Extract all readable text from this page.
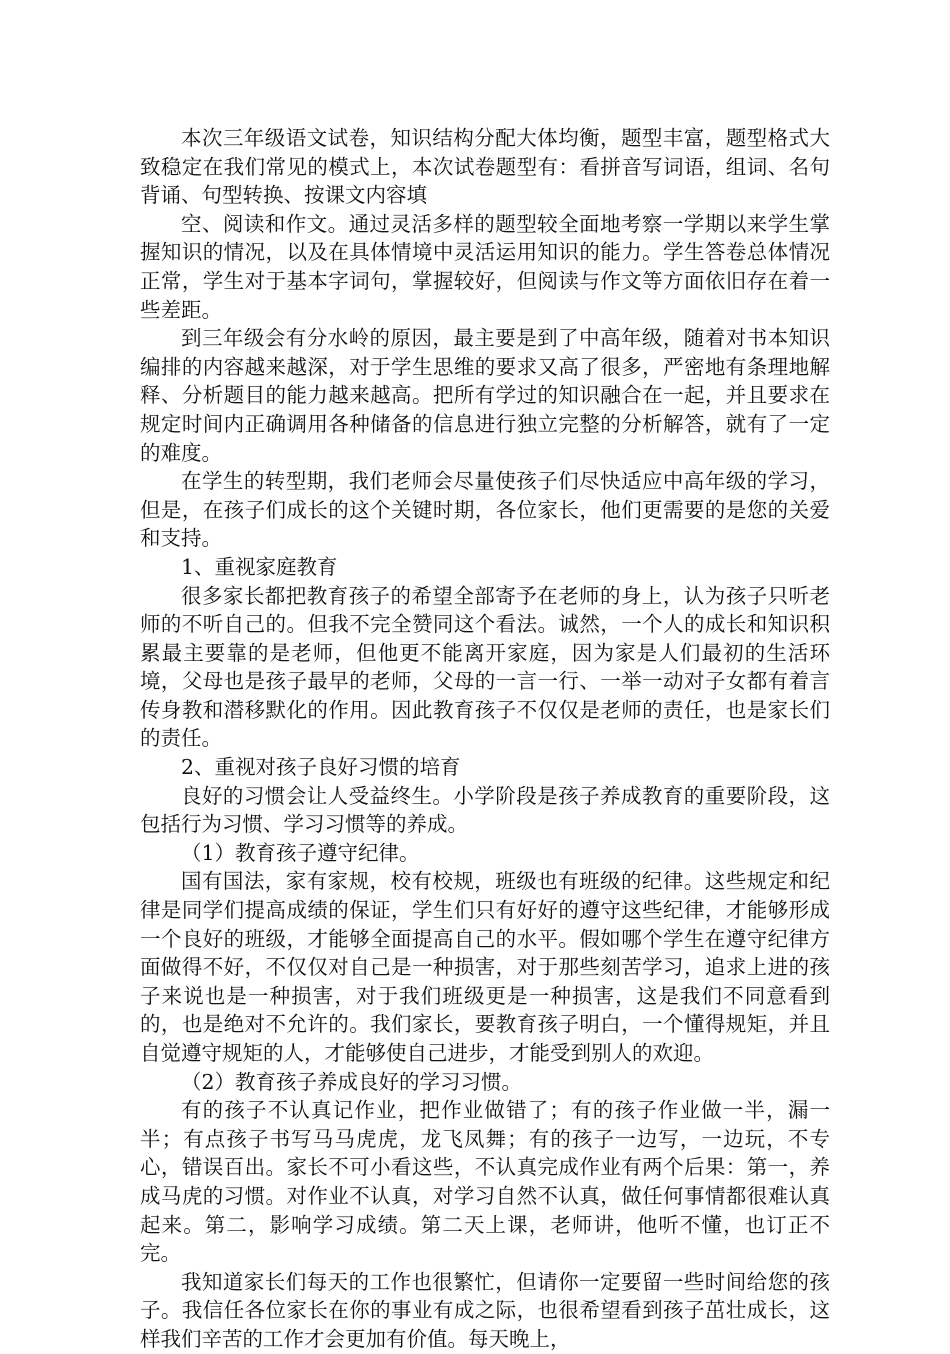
本次三年级语文试卷，知识结构分配大体均衡，题型丰富，题型格式大致稳定在我们常见的模式上，本次试卷题型有：看拼音写词语，组词、名句背诵、句型转换、按课文内容填

空、阅读和作文。通过灵活多样的题型较全面地考察一学期以来学生掌握知识的情况，以及在具体情境中灵活运用知识的能力。学生答卷总体情况正常，学生对于基本字词句，掌握较好，但阅读与作文等方面依旧存在着一些差距。

到三年级会有分水岭的原因，最主要是到了中高年级，随着对书本知识编排的内容越来越深，对于学生思维的要求又高了很多，严密地有条理地解释、分析题目的能力越来越高。把所有学过的知识融合在一起，并且要求在规定时间内正确调用各种储备的信息进行独立完整的分析解答，就有了一定的难度。

在学生的转型期，我们老师会尽量使孩子们尽快适应中高年级的学习，但是，在孩子们成长的这个关键时期，各位家长，他们更需要的是您的关爱和支持。

1、重视家庭教育

很多家长都把教育孩子的希望全部寄予在老师的身上，认为孩子只听老师的不听自己的。但我不完全赞同这个看法。诚然，一个人的成长和知识积累最主要靠的是老师，但他更不能离开家庭，因为家是人们最初的生活环境，父母也是孩子最早的老师，父母的一言一行、一举一动对子女都有着言传身教和潜移默化的作用。因此教育孩子不仅仅是老师的责任，也是家长们的责任。

2、重视对孩子良好习惯的培育

良好的习惯会让人受益终生。小学阶段是孩子养成教育的重要阶段，这包括行为习惯、学习习惯等的养成。

（1）教育孩子遵守纪律。

国有国法，家有家规，校有校规，班级也有班级的纪律。这些规定和纪律是同学们提高成绩的保证，学生们只有好好的遵守这些纪律，才能够形成一个良好的班级，才能够全面提高自己的水平。假如哪个学生在遵守纪律方面做得不好，不仅仅对自己是一种损害，对于那些刻苦学习，追求上进的孩子来说也是一种损害，对于我们班级更是一种损害，这是我们不同意看到的，也是绝对不允许的。我们家长，要教育孩子明白，一个懂得规矩，并且自觉遵守规矩的人，才能够使自己进步，才能受到别人的欢迎。

（2）教育孩子养成良好的学习习惯。

有的孩子不认真记作业，把作业做错了；有的孩子作业做一半，漏一半；有点孩子书写马马虎虎，龙飞凤舞；有的孩子一边写，一边玩，不专心，错误百出。家长不可小看这些，不认真完成作业有两个后果：第一，养成马虎的习惯。对作业不认真，对学习自然不认真，做任何事情都很难认真起来。第二，影响学习成绩。第二天上课，老师讲，他听不懂，也订正不完。

我知道家长们每天的工作也很繁忙，但请你一定要留一些时间给您的孩子。我信任各位家长在你的事业有成之际，也很希望看到孩子茁壮成长，这样我们辛苦的工作才会更加有价值。每天晚上，
